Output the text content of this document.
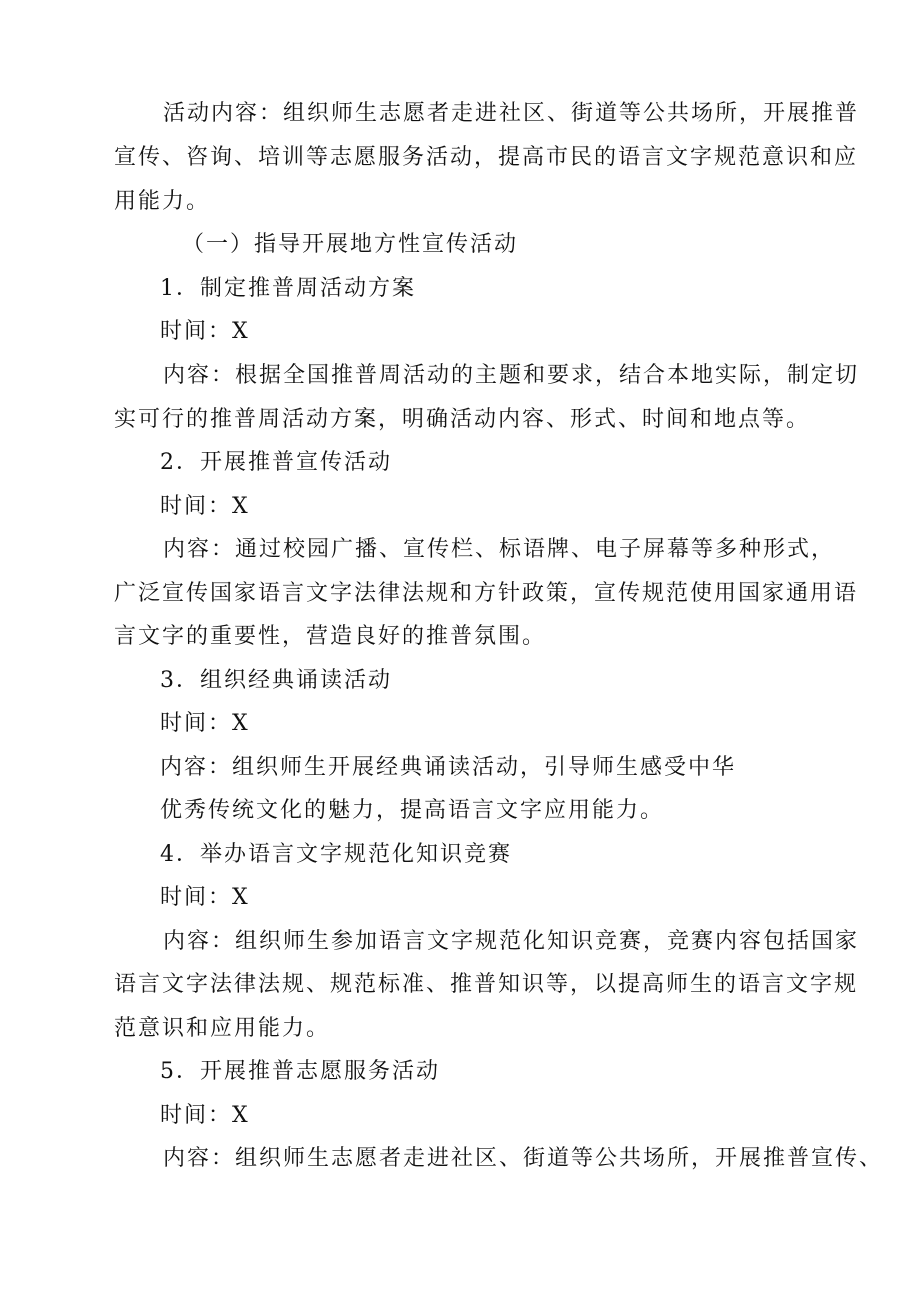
活动内容：组织师生志愿者走进社区、街道等公共场所，开展推普
宣传、咨询、培训等志愿服务活动，提高市民的语言文字规范意识和应
用能力。
（一）指导开展地方性宣传活动
1．制定推普周活动方案
时间：X
内容：根据全国推普周活动的主题和要求，结合本地实际，制定切
实可行的推普周活动方案，明确活动内容、形式、时间和地点等。
2．开展推普宣传活动
时间：X
内容：通过校园广播、宣传栏、标语牌、电子屏幕等多种形式，
广泛宣传国家语言文字法律法规和方针政策，宣传规范使用国家通用语
言文字的重要性，营造良好的推普氛围。
3．组织经典诵读活动
时间：X
内容：组织师生开展经典诵读活动，引导师生感受中华
优秀传统文化的魅力，提高语言文字应用能力。
4．举办语言文字规范化知识竞赛
时间：X
内容：组织师生参加语言文字规范化知识竞赛，竞赛内容包括国家
语言文字法律法规、规范标准、推普知识等，以提高师生的语言文字规
范意识和应用能力。
5．开展推普志愿服务活动
时间：X
内容：组织师生志愿者走进社区、街道等公共场所，开展推普宣传、
